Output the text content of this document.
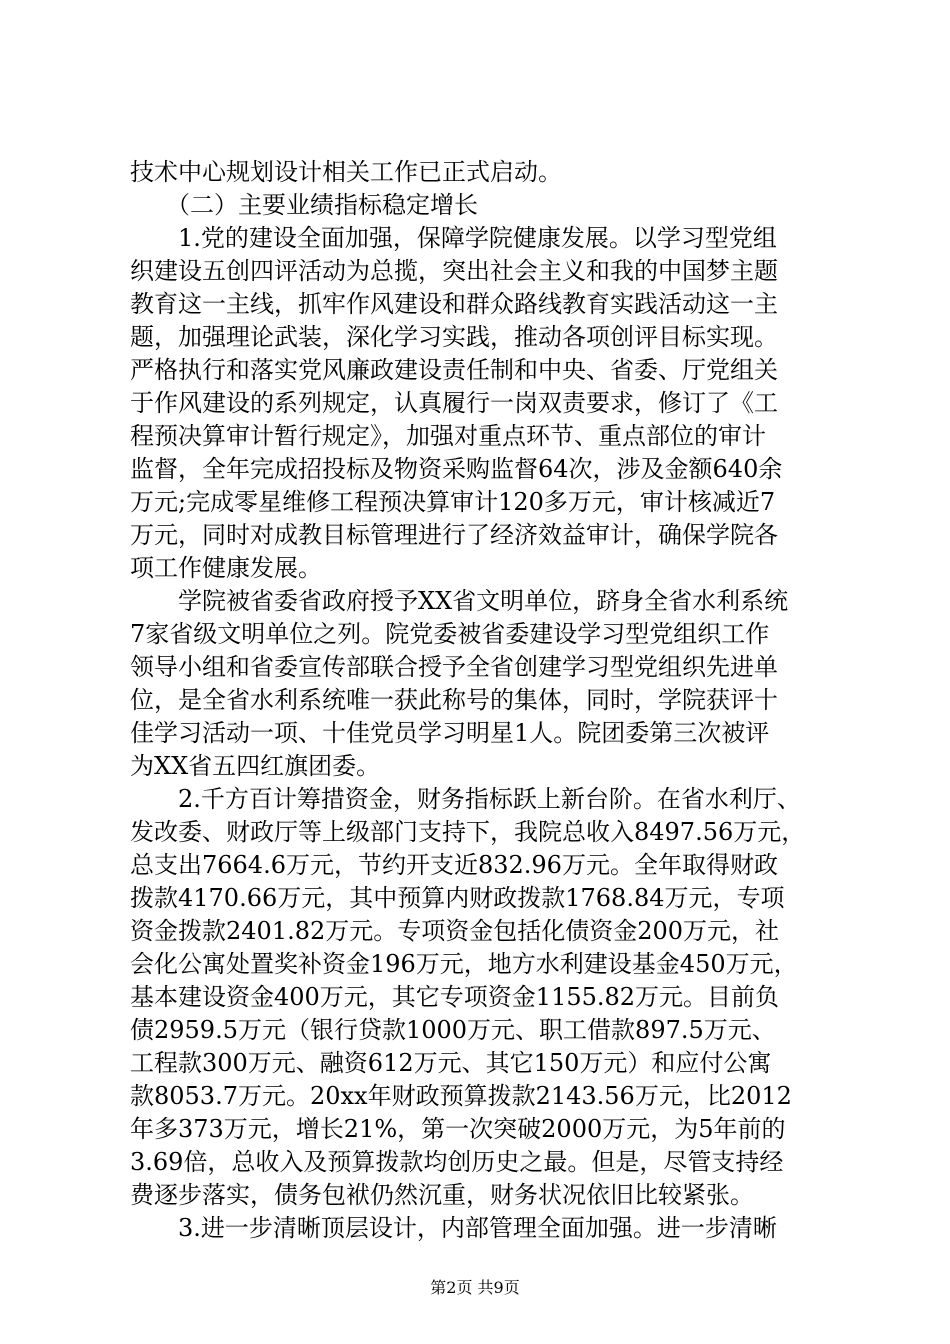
技术中心规划设计相关工作已正式启动。
　　（二）主要业绩指标稳定增长
　　1.党的建设全面加强，保障学院健康发展。以学习型党组
织建设五创四评活动为总揽，突出社会主义和我的中国梦主题
教育这一主线，抓牢作风建设和群众路线教育实践活动这一主
题，加强理论武装，深化学习实践，推动各项创评目标实现。
严格执行和落实党风廉政建设责任制和中央、省委、厅党组关
于作风建设的系列规定，认真履行一岗双责要求，修订了《工
程预决算审计暂行规定》，加强对重点环节、重点部位的审计
监督，全年完成招投标及物资采购监督64次，涉及金额640余
万元;完成零星维修工程预决算审计120多万元，审计核减近7
万元，同时对成教目标管理进行了经济效益审计，确保学院各
项工作健康发展。
　　学院被省委省政府授予XX省文明单位，跻身全省水利系统
7家省级文明单位之列。院党委被省委建设学习型党组织工作
领导小组和省委宣传部联合授予全省创建学习型党组织先进单
位，是全省水利系统唯一获此称号的集体，同时，学院获评十
佳学习活动一项、十佳党员学习明星1人。院团委第三次被评
为XX省五四红旗团委。
　　2.千方百计筹措资金，财务指标跃上新台阶。在省水利厅、
发改委、财政厅等上级部门支持下，我院总收入8497.56万元，
总支出7664.6万元，节约开支近832.96万元。全年取得财政
拨款4170.66万元，其中预算内财政拨款1768.84万元，专项
资金拨款2401.82万元。专项资金包括化债资金200万元，社
会化公寓处置奖补资金196万元，地方水利建设基金450万元，
基本建设资金400万元，其它专项资金1155.82万元。目前负
债2959.5万元（银行贷款1000万元、职工借款897.5万元、
工程款300万元、融资612万元、其它150万元）和应付公寓
款8053.7万元。20xx年财政预算拨款2143.56万元，比2012
年多373万元，增长21%，第一次突破2000万元，为5年前的
3.69倍，总收入及预算拨款均创历史之最。但是，尽管支持经
费逐步落实，债务包袱仍然沉重，财务状况依旧比较紧张。
　　3.进一步清晰顶层设计，内部管理全面加强。进一步清晰
第2页 共9页
